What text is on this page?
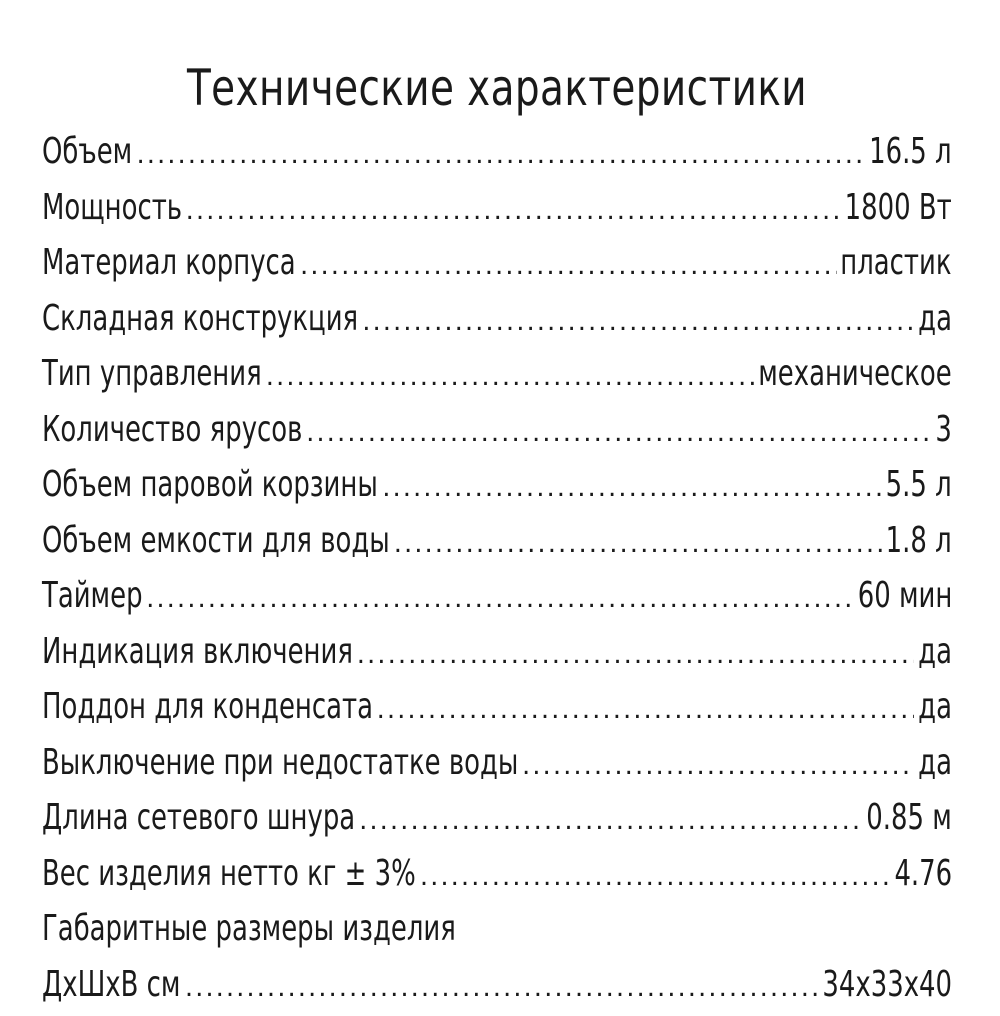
Технические характеристики
Объем .....	16.5 л
Мощность .....	1800 Вт
Материал корпуса .....	пластик
Складная конструкция .....	да
Тип управления .....	механическое
Количество ярусов .....	3
Объем паровой корзины .....	5.5 л
Объем емкости для воды .....	1.8 л
Таймер .....	60 мин
Индикация включения .....	да
Поддон для конденсата .....	да
Выключение при недостатке воды .....	да
Длина сетевого шнура .....	0.85 м
Вес изделия нетто кг ± 3% .....	4.76
Габаритные размеры изделия
ДхШхВ см .....	34x33x40
